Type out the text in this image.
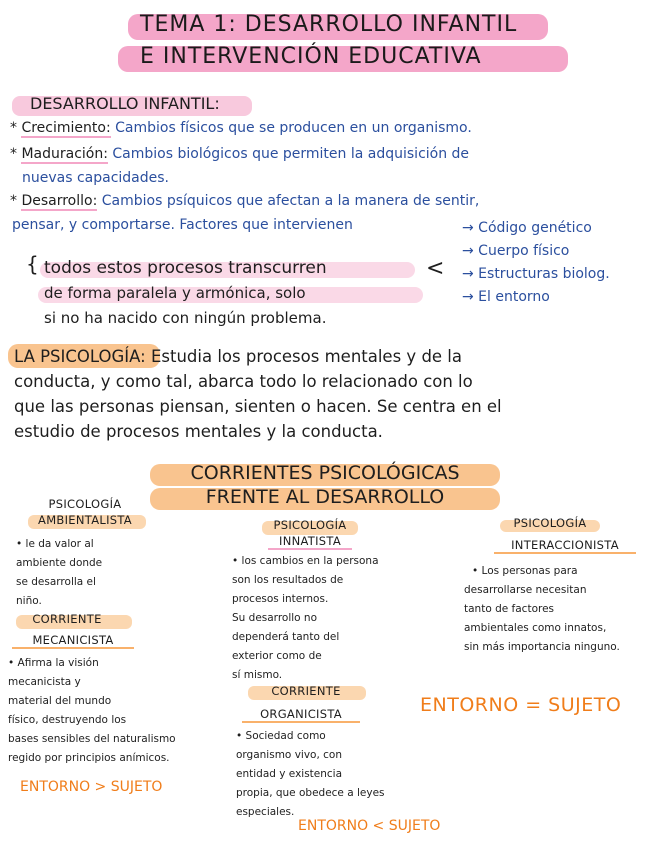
TEMA 1: DESARROLLO INFANTIL
E INTERVENCIÓN EDUCATIVA
DESARROLLO INFANTIL:
* Crecimiento: Cambios físicos que se producen en un organismo.
* Maduración: Cambios biológicos que permiten la adquisición de
nuevas capacidades.
* Desarrollo: Cambios psíquicos que afectan a la manera de sentir,
pensar, y comportarse. Factores que intervienen	→ Código genético
→ Cuerpo físico
→ Estructuras biolog.
→ El entorno
{	<
todos estos procesos transcurren
de forma paralela y armónica, solo
si no ha nacido con ningún problema.
LA PSICOLOGÍA: Estudia los procesos mentales y de la
conducta, y como tal, abarca todo lo relacionado con lo
que las personas piensan, sienten o hacen. Se centra en el
estudio de procesos mentales y la conducta.
CORRIENTES PSICOLÓGICAS
FRENTE AL DESARROLLO
PSICOLOGÍA
AMBIENTALISTA
• le da valor al
ambiente donde
se desarrolla el
niño.
CORRIENTE
MECANICISTA
• Afirma la visión
mecanicista y
material del mundo
físico, destruyendo los
bases sensibles del naturalismo
regido por principios anímicos.
ENTORNO > SUJETO
PSICOLOGÍA
INNATISTA
• los cambios en la persona
son los resultados de
procesos internos.
Su desarrollo no
dependerá tanto del
exterior como de
sí mismo.
CORRIENTE
ORGANICISTA
• Sociedad como
organismo vivo, con
entidad y existencia
propia, que obedece a leyes
especiales.
ENTORNO < SUJETO
PSICOLOGÍA
INTERACCIONISTA
• Los personas para
desarrollarse necesitan
tanto de factores
ambientales como innatos,
sin más importancia ninguno.
ENTORNO = SUJETO
